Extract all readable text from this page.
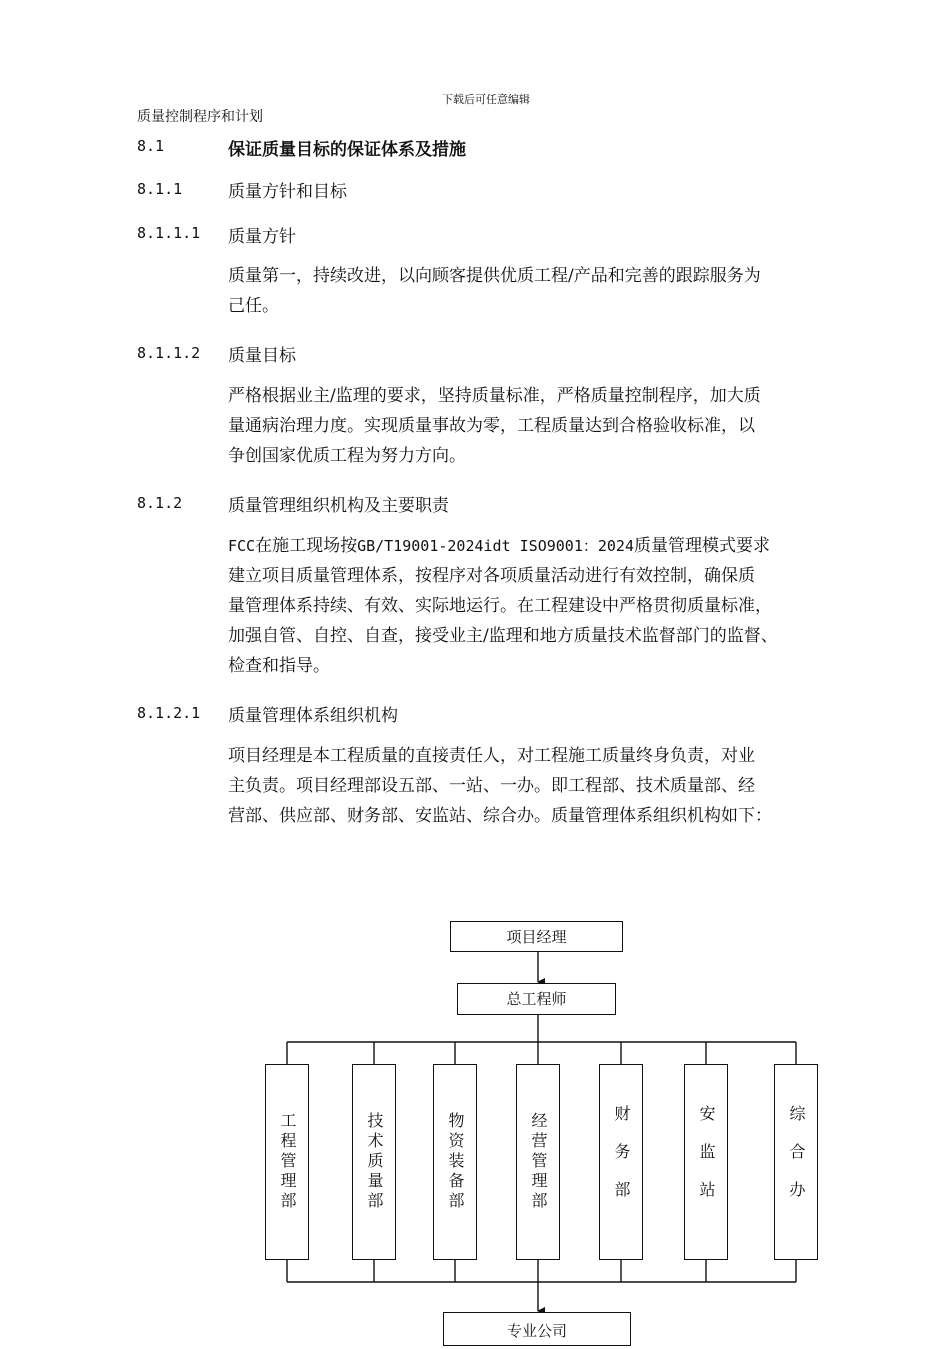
下载后可任意编辑
质量控制程序和计划
8.1	保证质量目标的保证体系及措施
8.1.1	质量方针和目标
8.1.1.1 质量方针
质量第一，持续改进，以向顾客提供优质工程/产品和完善的跟踪服务为
己任。
8.1.1.2 质量目标
严格根据业主/监理的要求，坚持质量标准，严格质量控制程序，加大质
量通病治理力度。实现质量事故为零，工程质量达到合格验收标准，以
争创国家优质工程为努力方向。
8.1.2	质量管理组织机构及主要职责
FCC在施工现场按GB/T19001-2024idt ISO9001：2024质量管理模式要求
建立项目质量管理体系，按程序对各项质量活动进行有效控制，确保质
量管理体系持续、有效、实际地运行。在工程建设中严格贯彻质量标准，
加强自管、自控、自查，接受业主/监理和地方质量技术监督部门的监督、
检查和指导。
8.1.2.1 质量管理体系组织机构
项目经理是本工程质量的直接责任人，对工程施工质量终身负责，对业
主负责。项目经理部设五部、一站、一办。即工程部、技术质量部、经
营部、供应部、财务部、安监站、综合办。质量管理体系组织机构如下：
项目经理
总工程师
工程管理部	技术质量部	物资装备部	经营管理部	财务部	安监站	综合办
专业公司
